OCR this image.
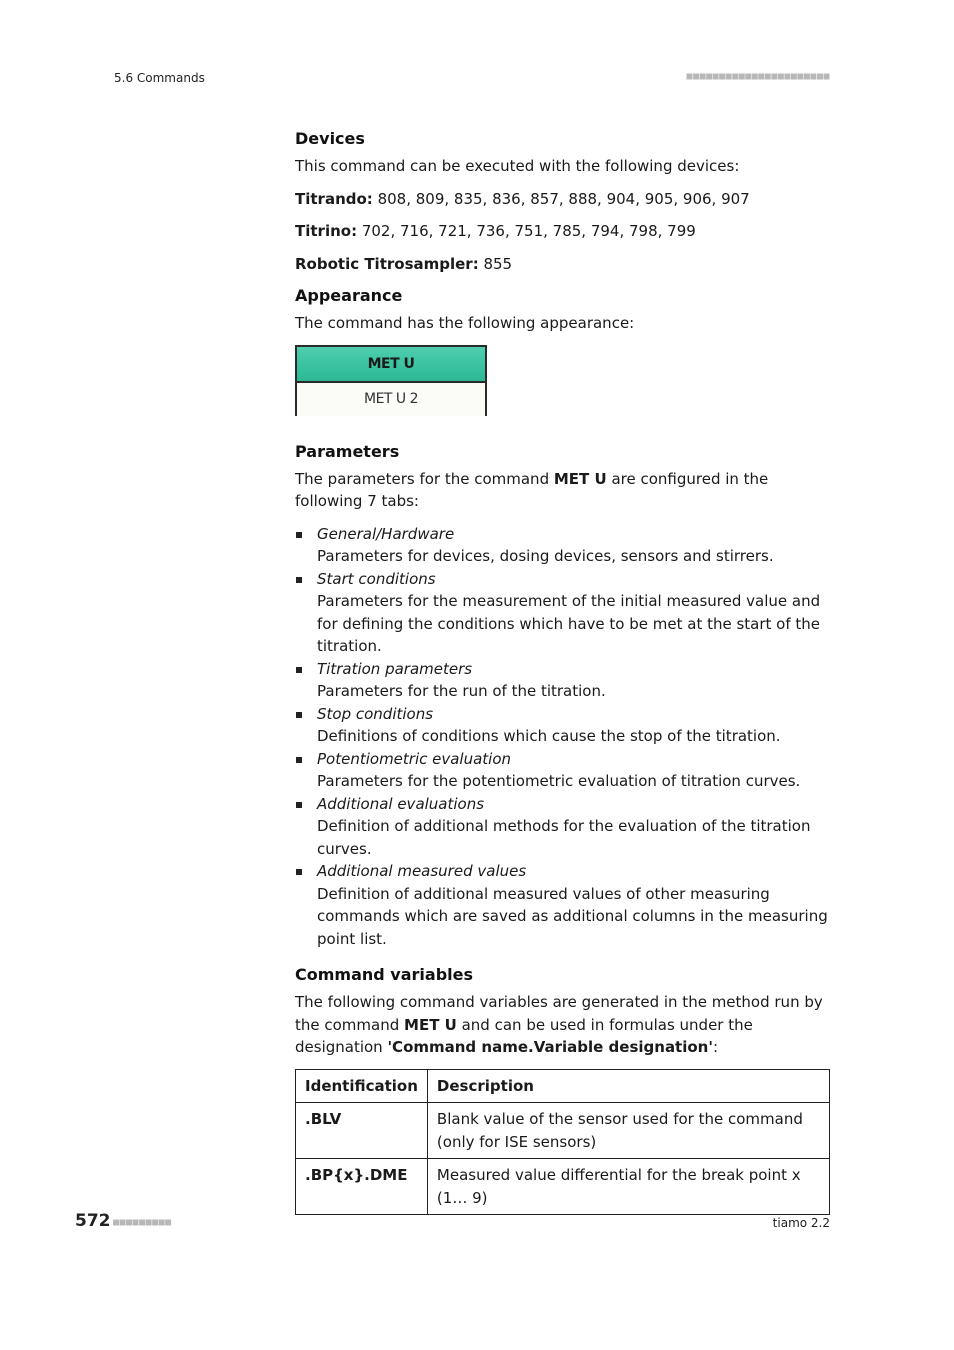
5.6 Commands	■■■■■■■■■■■■■■■■■■■■■■
Devices

This command can be executed with the following devices:

Titrando: 808, 809, 835, 836, 857, 888, 904, 905, 906, 907

Titrino: 702, 716, 721, 736, 751, 785, 794, 798, 799

Robotic Titrosampler: 855

Appearance

The command has the following appearance:

MET U
MET U 2
Parameters

The parameters for the command MET U are configured in the following 7 tabs:

General/Hardware
Parameters for devices, dosing devices, sensors and stirrers.
Start conditions
Parameters for the measurement of the initial measured value and for defining the conditions which have to be met at the start of the titration.
Titration parameters
Parameters for the run of the titration.
Stop conditions
Definitions of conditions which cause the stop of the titration.
Potentiometric evaluation
Parameters for the potentiometric evaluation of titration curves.
Additional evaluations
Definition of additional methods for the evaluation of the titration curves.
Additional measured values
Definition of additional measured values of other measuring commands which are saved as additional columns in the measuring point list.
Command variables

The following command variables are generated in the method run by the command MET U and can be used in formulas under the designation 'Command name.Variable designation':

Identification	Description
.BLV	Blank value of the sensor used for the command (only for ISE sensors)
.BP{x}.DME	Measured value differential for the break point x (1… 9)
572 ■■■■■■■■■	tiamo 2.2
